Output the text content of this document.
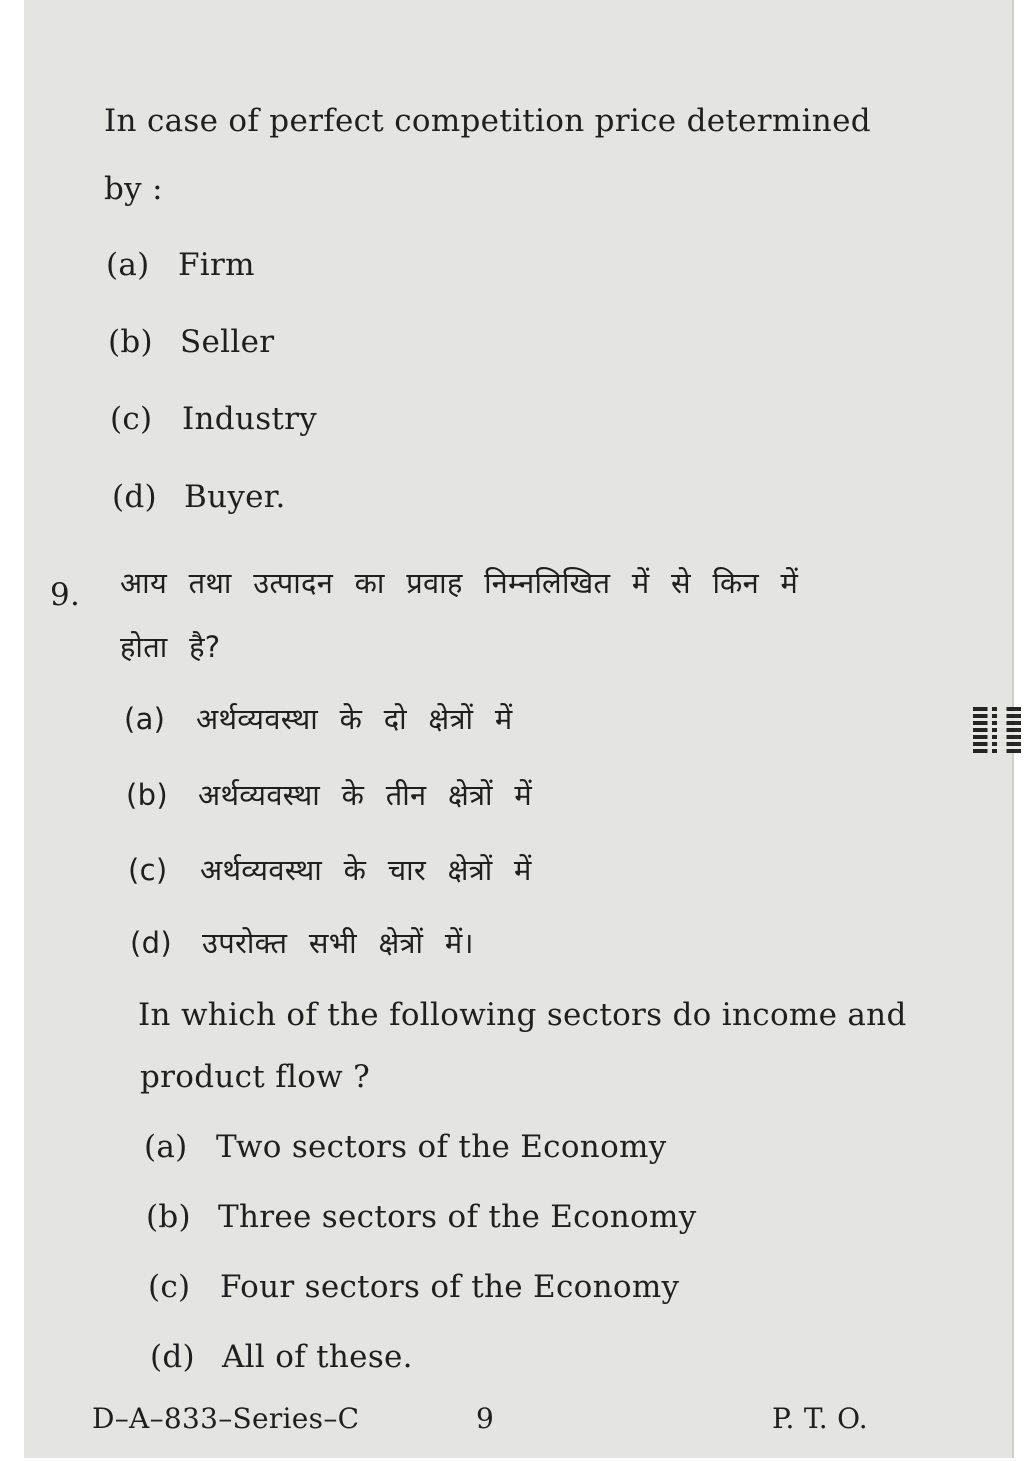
In case of perfect competition price determined
by :
(a) Firm
(b) Seller
(c) Industry
(d) Buyer.
9. आय तथा उत्पादन का प्रवाह निम्नलिखित में से किन में
होता है?
(a) अर्थव्यवस्था के दो क्षेत्रों में
(b) अर्थव्यवस्था के तीन क्षेत्रों में
(c) अर्थव्यवस्था के चार क्षेत्रों में
(d) उपरोक्त सभी क्षेत्रों में।
In which of the following sectors do income and
product flow ?
(a) Two sectors of the Economy
(b) Three sectors of the Economy
(c) Four sectors of the Economy
(d) All of these.
D–A–833–Series–C	9	P. T. O.
